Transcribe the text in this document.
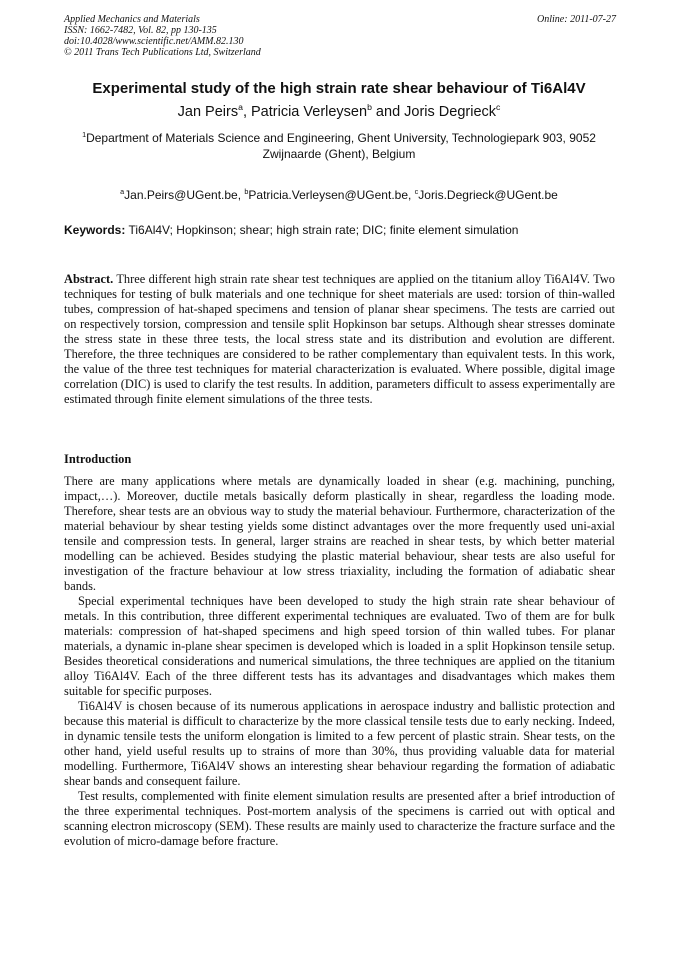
Applied Mechanics and Materials
ISSN: 1662-7482, Vol. 82, pp 130-135
doi:10.4028/www.scientific.net/AMM.82.130
© 2011 Trans Tech Publications Ltd, Switzerland
Online: 2011-07-27
Experimental study of the high strain rate shear behaviour of Ti6Al4V
Jan Peirs$^a$, Patricia Verleysen$^b$ and Joris Degrieck$^c$
$^1$Department of Materials Science and Engineering, Ghent University, Technologiepark 903, 9052 Zwijnaarde (Ghent), Belgium
$^a$Jan.Peirs@UGent.be, $^b$Patricia.Verleysen@UGent.be, $^c$Joris.Degrieck@UGent.be
Keywords: Ti6Al4V; Hopkinson; shear; high strain rate; DIC; finite element simulation
Abstract. Three different high strain rate shear test techniques are applied on the titanium alloy Ti6Al4V. Two techniques for testing of bulk materials and one technique for sheet materials are used: torsion of thin-walled tubes, compression of hat-shaped specimens and tension of planar shear specimens. The tests are carried out on respectively torsion, compression and tensile split Hopkinson bar setups. Although shear stresses dominate the stress state in these three tests, the local stress state and its distribution and evolution are different. Therefore, the three techniques are considered to be rather complementary than equivalent tests. In this work, the value of the three test techniques for material characterization is evaluated. Where possible, digital image correlation (DIC) is used to clarify the test results. In addition, parameters difficult to assess experimentally are estimated through finite element simulations of the three tests.
Introduction

There are many applications where metals are dynamically loaded in shear (e.g. machining, punching, impact,…). Moreover, ductile metals basically deform plastically in shear, regardless the loading mode. Therefore, shear tests are an obvious way to study the material behaviour. Furthermore, characterization of the material behaviour by shear testing yields some distinct advantages over the more frequently used uni-axial tensile and compression tests. In general, larger strains are reached in shear tests, by which better material modelling can be achieved. Besides studying the plastic material behaviour, shear tests are also useful for investigation of the fracture behaviour at low stress triaxiality, including the formation of adiabatic shear bands.

Special experimental techniques have been developed to study the high strain rate shear behaviour of metals. In this contribution, three different experimental techniques are evaluated. Two of them are for bulk materials: compression of hat-shaped specimens and high speed torsion of thin walled tubes. For planar materials, a dynamic in-plane shear specimen is developed which is loaded in a split Hopkinson tensile setup. Besides theoretical considerations and numerical simulations, the three techniques are applied on the titanium alloy Ti6Al4V. Each of the three different tests has its advantages and disadvantages which makes them suitable for specific purposes.

Ti6Al4V is chosen because of its numerous applications in aerospace industry and ballistic protection and because this material is difficult to characterize by the more classical tensile tests due to early necking. Indeed, in dynamic tensile tests the uniform elongation is limited to a few percent of plastic strain. Shear tests, on the other hand, yield useful results up to strains of more than 30%, thus providing valuable data for material modelling. Furthermore, Ti6Al4V shows an interesting shear behaviour regarding the formation of adiabatic shear bands and consequent failure.

Test results, complemented with finite element simulation results are presented after a brief introduction of the three experimental techniques. Post-mortem analysis of the specimens is carried out with optical and scanning electron microscopy (SEM). These results are mainly used to characterize the fracture surface and the evolution of micro-damage before fracture.
